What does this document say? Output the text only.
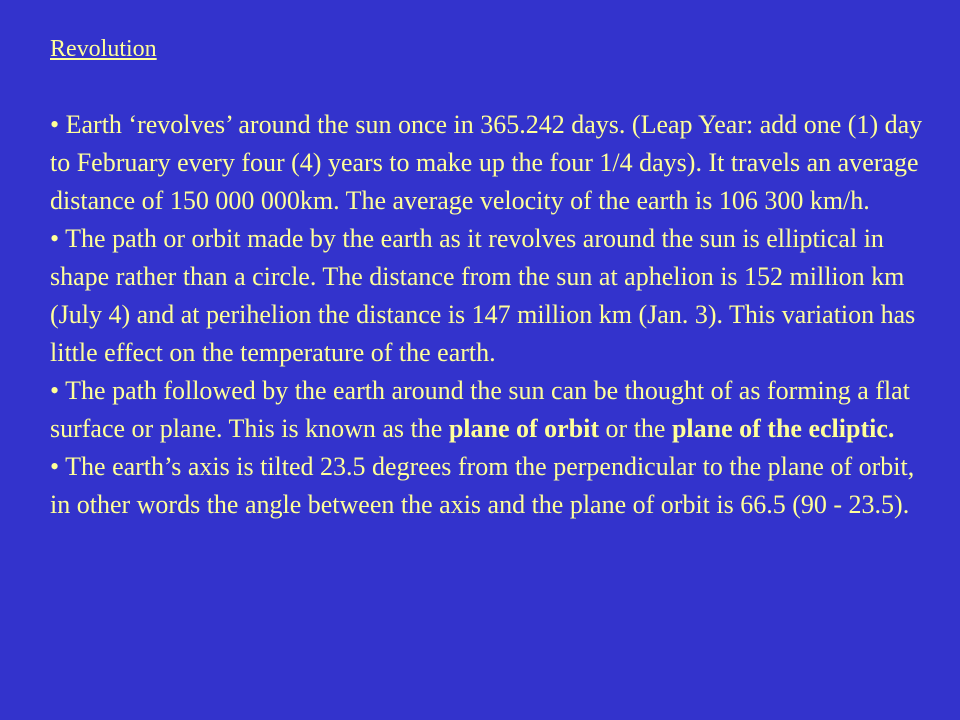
Revolution

• Earth ‘revolves’ around the sun once in 365.242 days. (Leap Year: add one (1) day to February every four (4) years to make up the four 1/4 days). It travels an average distance of 150 000 000km. The average velocity of the earth is 106 300 km/h.

• The path or orbit made by the earth as it revolves around the sun is elliptical in shape rather than a circle. The distance from the sun at aphelion is 152 million km (July 4) and at perihelion the distance is 147 million km (Jan. 3). This variation has little effect on the temperature of the earth.

• The path followed by the earth around the sun can be thought of as forming a flat surface or plane. This is known as the plane of orbit or the plane of the ecliptic.

• The earth’s axis is tilted 23.5 degrees from the perpendicular to the plane of orbit, in other words the angle between the axis and the plane of orbit is 66.5 (90 - 23.5).
